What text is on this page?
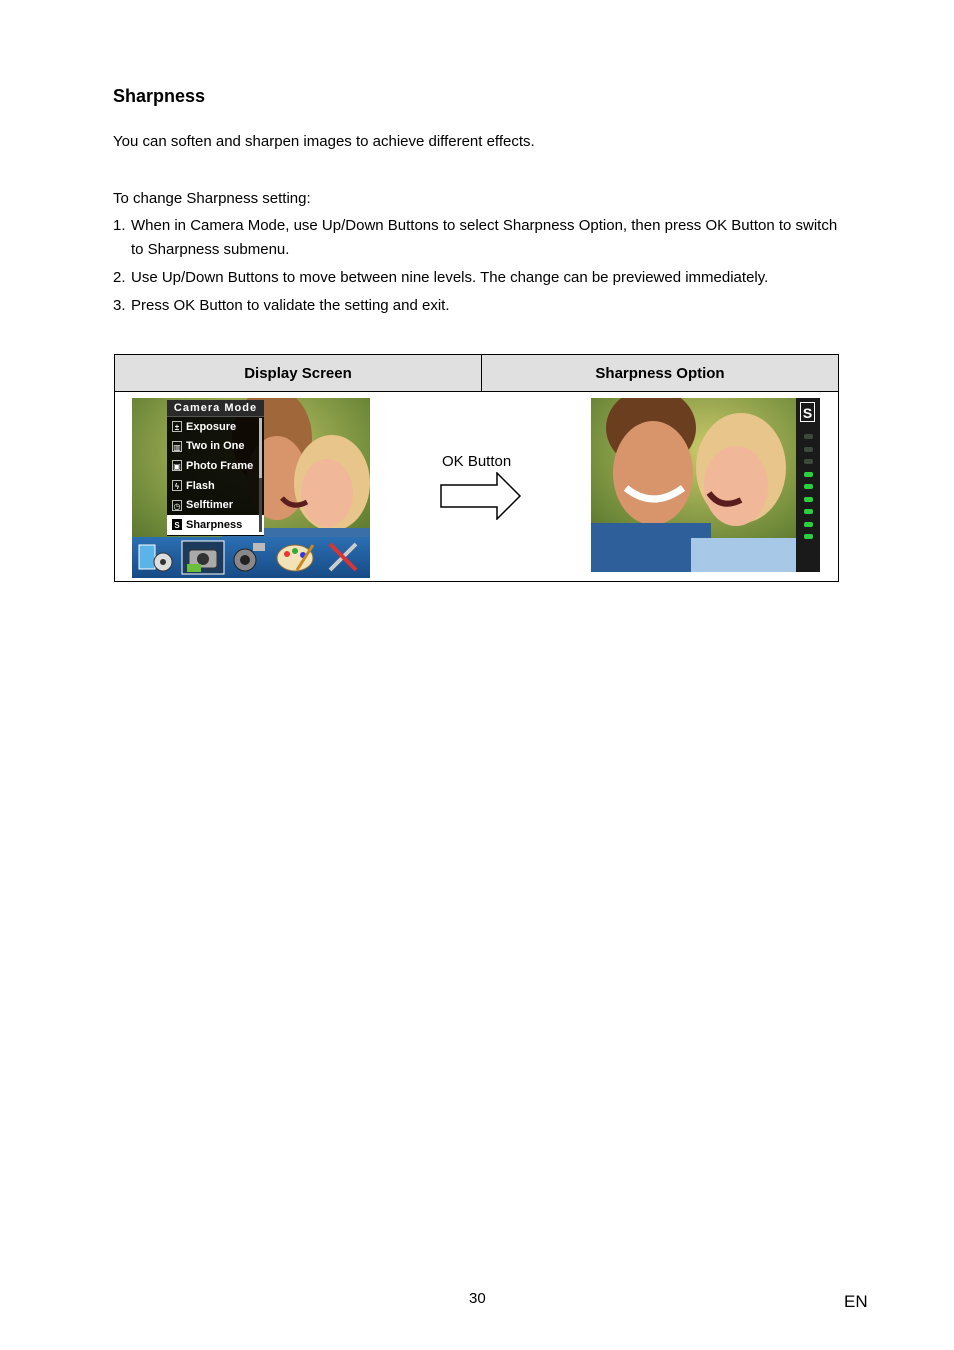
Sharpness
You can soften and sharpen images to achieve different effects.
To change Sharpness setting:
1. When in Camera Mode, use Up/Down Buttons to select Sharpness Option, then press OK Button to switch to Sharpness submenu.
2. Use Up/Down Buttons to move between nine levels. The change can be previewed immediately.
3. Press OK Button to validate the setting and exit.
Display Screen	Sharpness Option
Camera Mode
± Exposure
▥ Two in One
▣ Photo Frame
ϟ Flash
◷ Selftimer
S Sharpness
OK Button
S
30	EN
